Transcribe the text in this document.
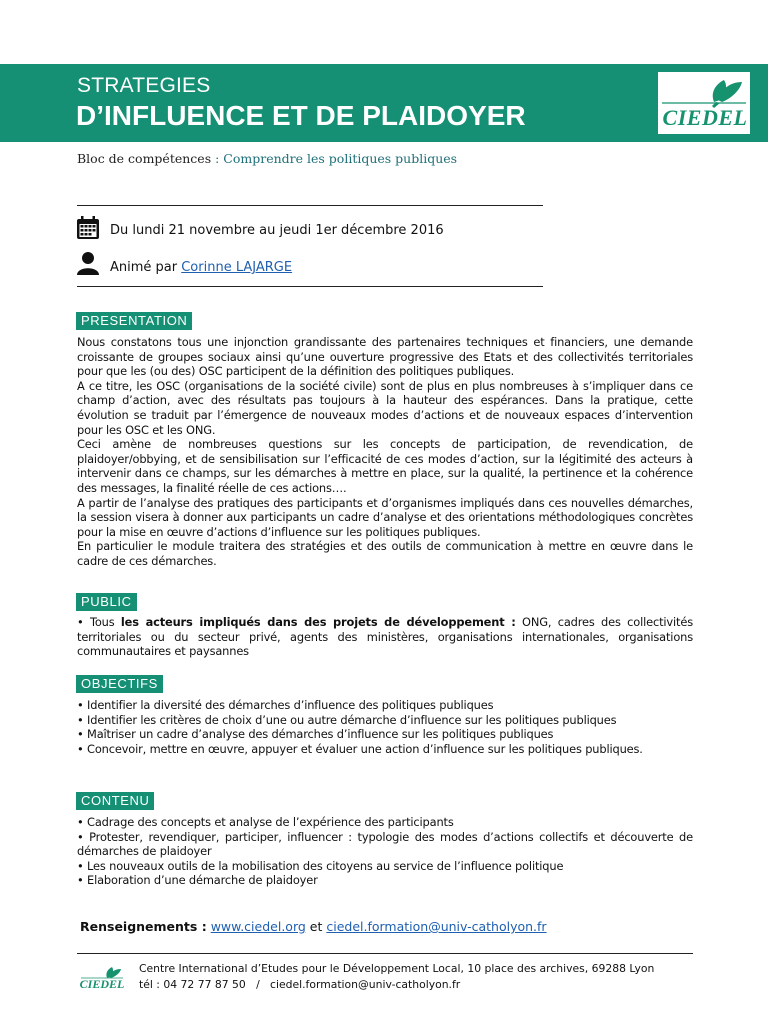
STRATEGIES
D’INFLUENCE ET DE PLAIDOYER	CIEDEL
Bloc de compétences : Comprendre les politiques publiques
Du lundi 21 novembre au jeudi 1er décembre 2016
Animé par Corinne LAJARGE
PRESENTATION

Nous constatons tous une injonction grandissante des partenaires techniques et financiers, une demande croissante de groupes sociaux ainsi qu’une ouverture progressive des Etats et des collectivités territoriales pour que les (ou des) OSC participent de la définition des politiques publiques.

A ce titre, les OSC (organisations de la société civile) sont de plus en plus nombreuses à s’impliquer dans ce champ d’action, avec des résultats pas toujours à la hauteur des espérances. Dans la pratique, cette évolution se traduit par l’émergence de nouveaux modes d’actions et de nouveaux espaces d’intervention pour les OSC et les ONG.

Ceci amène de nombreuses questions sur les concepts de participation, de revendication, de plaidoyer/obbying, et de sensibilisation sur l’efficacité de ces modes d’action, sur la légitimité des acteurs à intervenir dans ce champs, sur les démarches à mettre en place, sur la qualité, la pertinence et la cohérence des messages, la finalité réelle de ces actions….

A partir de l’analyse des pratiques des participants et d’organismes impliqués dans ces nouvelles démarches, la session visera à donner aux participants un cadre d’analyse et des orientations méthodologiques concrètes pour la mise en œuvre d’actions d’influence sur les politiques publiques.

En particulier le module traitera des stratégies et des outils de communication à mettre en œuvre dans le cadre de ces démarches.

PUBLIC
• Tous les acteurs impliqués dans des projets de développement : ONG, cadres des collectivités territoriales ou du secteur privé, agents des ministères, organisations internationales, organisations communautaires et paysannes
OBJECTIFS
• Identifier la diversité des démarches d’influence des politiques publiques
• Identifier les critères de choix d’une ou autre démarche d’influence sur les politiques publiques
• Maîtriser un cadre d’analyse des démarches d’influence sur les politiques publiques
• Concevoir, mettre en œuvre, appuyer et évaluer une action d’influence sur les politiques publiques.
CONTENU
• Cadrage des concepts et analyse de l’expérience des participants
• Protester, revendiquer, participer, influencer : typologie des modes d’actions collectifs et découverte de démarches de plaidoyer
• Les nouveaux outils de la mobilisation des citoyens au service de l’influence politique
• Elaboration d’une démarche de plaidoyer
Renseignements : www.ciedel.org et ciedel.formation@univ-catholyon.fr
CIEDEL
Centre International d’Etudes pour le Développement Local, 10 place des archives, 69288 Lyon
tél : 04 72 77 87 50   /   ciedel.formation@univ-catholyon.fr
